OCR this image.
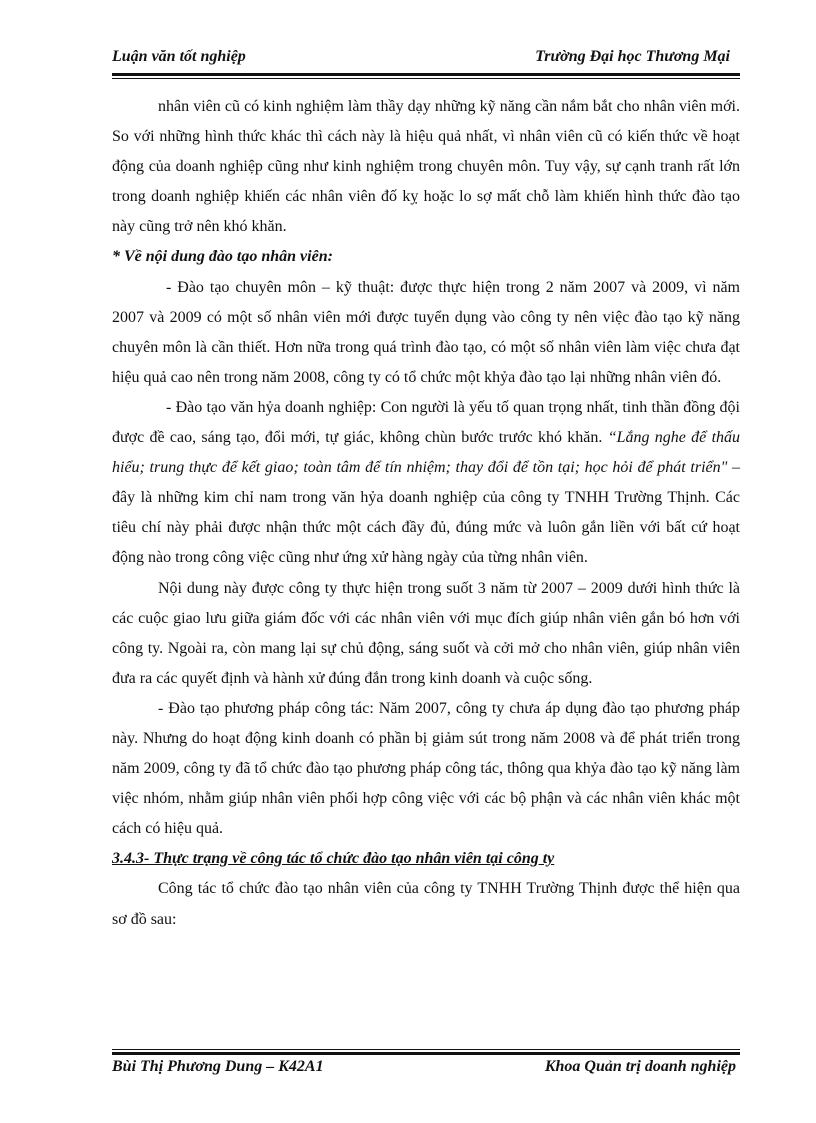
Luận văn tốt nghiệp	Trường Đại học Thương Mại

nhân viên cũ có kinh nghiệm làm thầy dạy những kỹ năng cần nắm bắt cho nhân viên mới. So với những hình thức khác thì cách này là hiệu quả nhất, vì nhân viên cũ có kiến thức về hoạt động của doanh nghiệp cũng như kinh nghiệm trong chuyên môn. Tuy vậy, sự cạnh tranh rất lớn trong doanh nghiệp khiến các nhân viên đố kỵ hoặc lo sợ mất chỗ làm khiến hình thức đào tạo này cũng trở nên khó khăn.

* Về nội dung đào tạo nhân viên:

- Đào tạo chuyên môn – kỹ thuật: được thực hiện trong 2 năm 2007 và 2009, vì năm 2007 và 2009 có một số nhân viên mới được tuyển dụng vào công ty nên việc đào tạo kỹ năng chuyên môn là cần thiết. Hơn nữa trong quá trình đào tạo, có một số nhân viên làm việc chưa đạt hiệu quả cao nên trong năm 2008, công ty có tổ chức một khỷa đào tạo lại những nhân viên đó.

- Đào tạo văn hỷa doanh nghiệp: Con người là yếu tố quan trọng nhất, tinh thần đồng đội được đề cao, sáng tạo, đổi mới, tự giác, không chùn bước trước khó khăn. “Lắng nghe để thấu hiểu; trung thực để kết giao; toàn tâm để tín nhiệm; thay đổi để tồn tại; học hỏi để phát triển" – đây là những kim chỉ nam trong văn hỷa doanh nghiệp của công ty TNHH Trường Thịnh. Các tiêu chí này phải được nhận thức một cách đầy đủ, đúng mức và luôn gắn liền với bất cứ hoạt động nào trong công việc cũng như ứng xử hàng ngày của từng nhân viên.

Nội dung này được công ty thực hiện trong suốt 3 năm từ 2007 – 2009 dưới hình thức là các cuộc giao lưu giữa giám đốc với các nhân viên với mục đích giúp nhân viên gắn bó hơn với công ty. Ngoài ra, còn mang lại sự chủ động, sáng suốt và cởi mở cho nhân viên, giúp nhân viên đưa ra các quyết định và hành xử đúng đắn trong kinh doanh và cuộc sống.

- Đào tạo phương pháp công tác: Năm 2007, công ty chưa áp dụng đào tạo phương pháp này. Nhưng do hoạt động kinh doanh có phần bị giảm sút trong năm 2008 và để phát triển trong năm 2009, công ty đã tổ chức đào tạo phương pháp công tác, thông qua khỷa đào tạo kỹ năng làm việc nhóm, nhằm giúp nhân viên phối hợp công việc với các bộ phận và các nhân viên khác một cách có hiệu quả.

3.4.3- Thực trạng về công tác tổ chức đào tạo nhân viên tại công ty

Công tác tổ chức đào tạo nhân viên của công ty TNHH Trường Thịnh được thể hiện qua sơ đồ sau:

Bùi Thị Phương Dung – K42A1	Khoa Quản trị doanh nghiệp
